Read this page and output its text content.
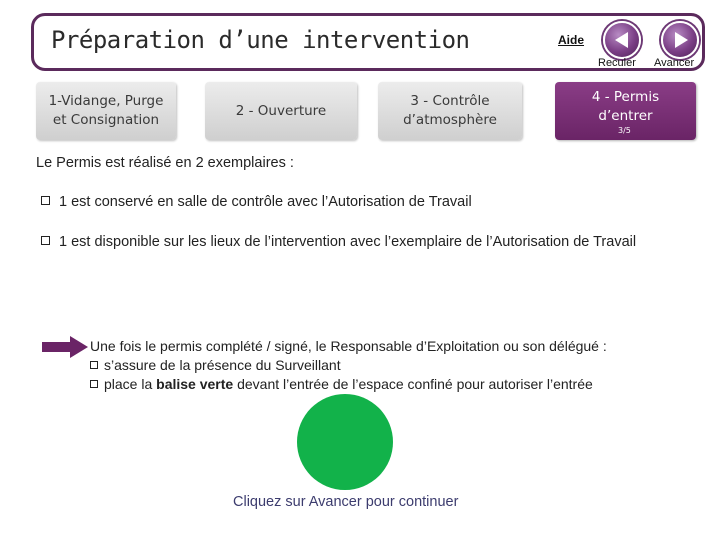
Préparation d’une intervention	Aide
Reculer Avancer
1-Vidange, Purge
et Consignation
2 - Ouverture
3 - Contrôle
d’atmosphère
4 - Permis
d’entrer
3/5
Le Permis est réalisé en 2 exemplaires :
1 est conservé en salle de contrôle avec l’Autorisation de Travail
1 est disponible sur les lieux de l’intervention avec l’exemplaire de l’Autorisation de Travail
Une fois le permis complété / signé, le Responsable d’Exploitation ou son délégué :
s’assure de la présence du Surveillant
place la balise verte devant l’entrée de l’espace confiné pour autoriser l’entrée
Cliquez sur Avancer pour continuer
